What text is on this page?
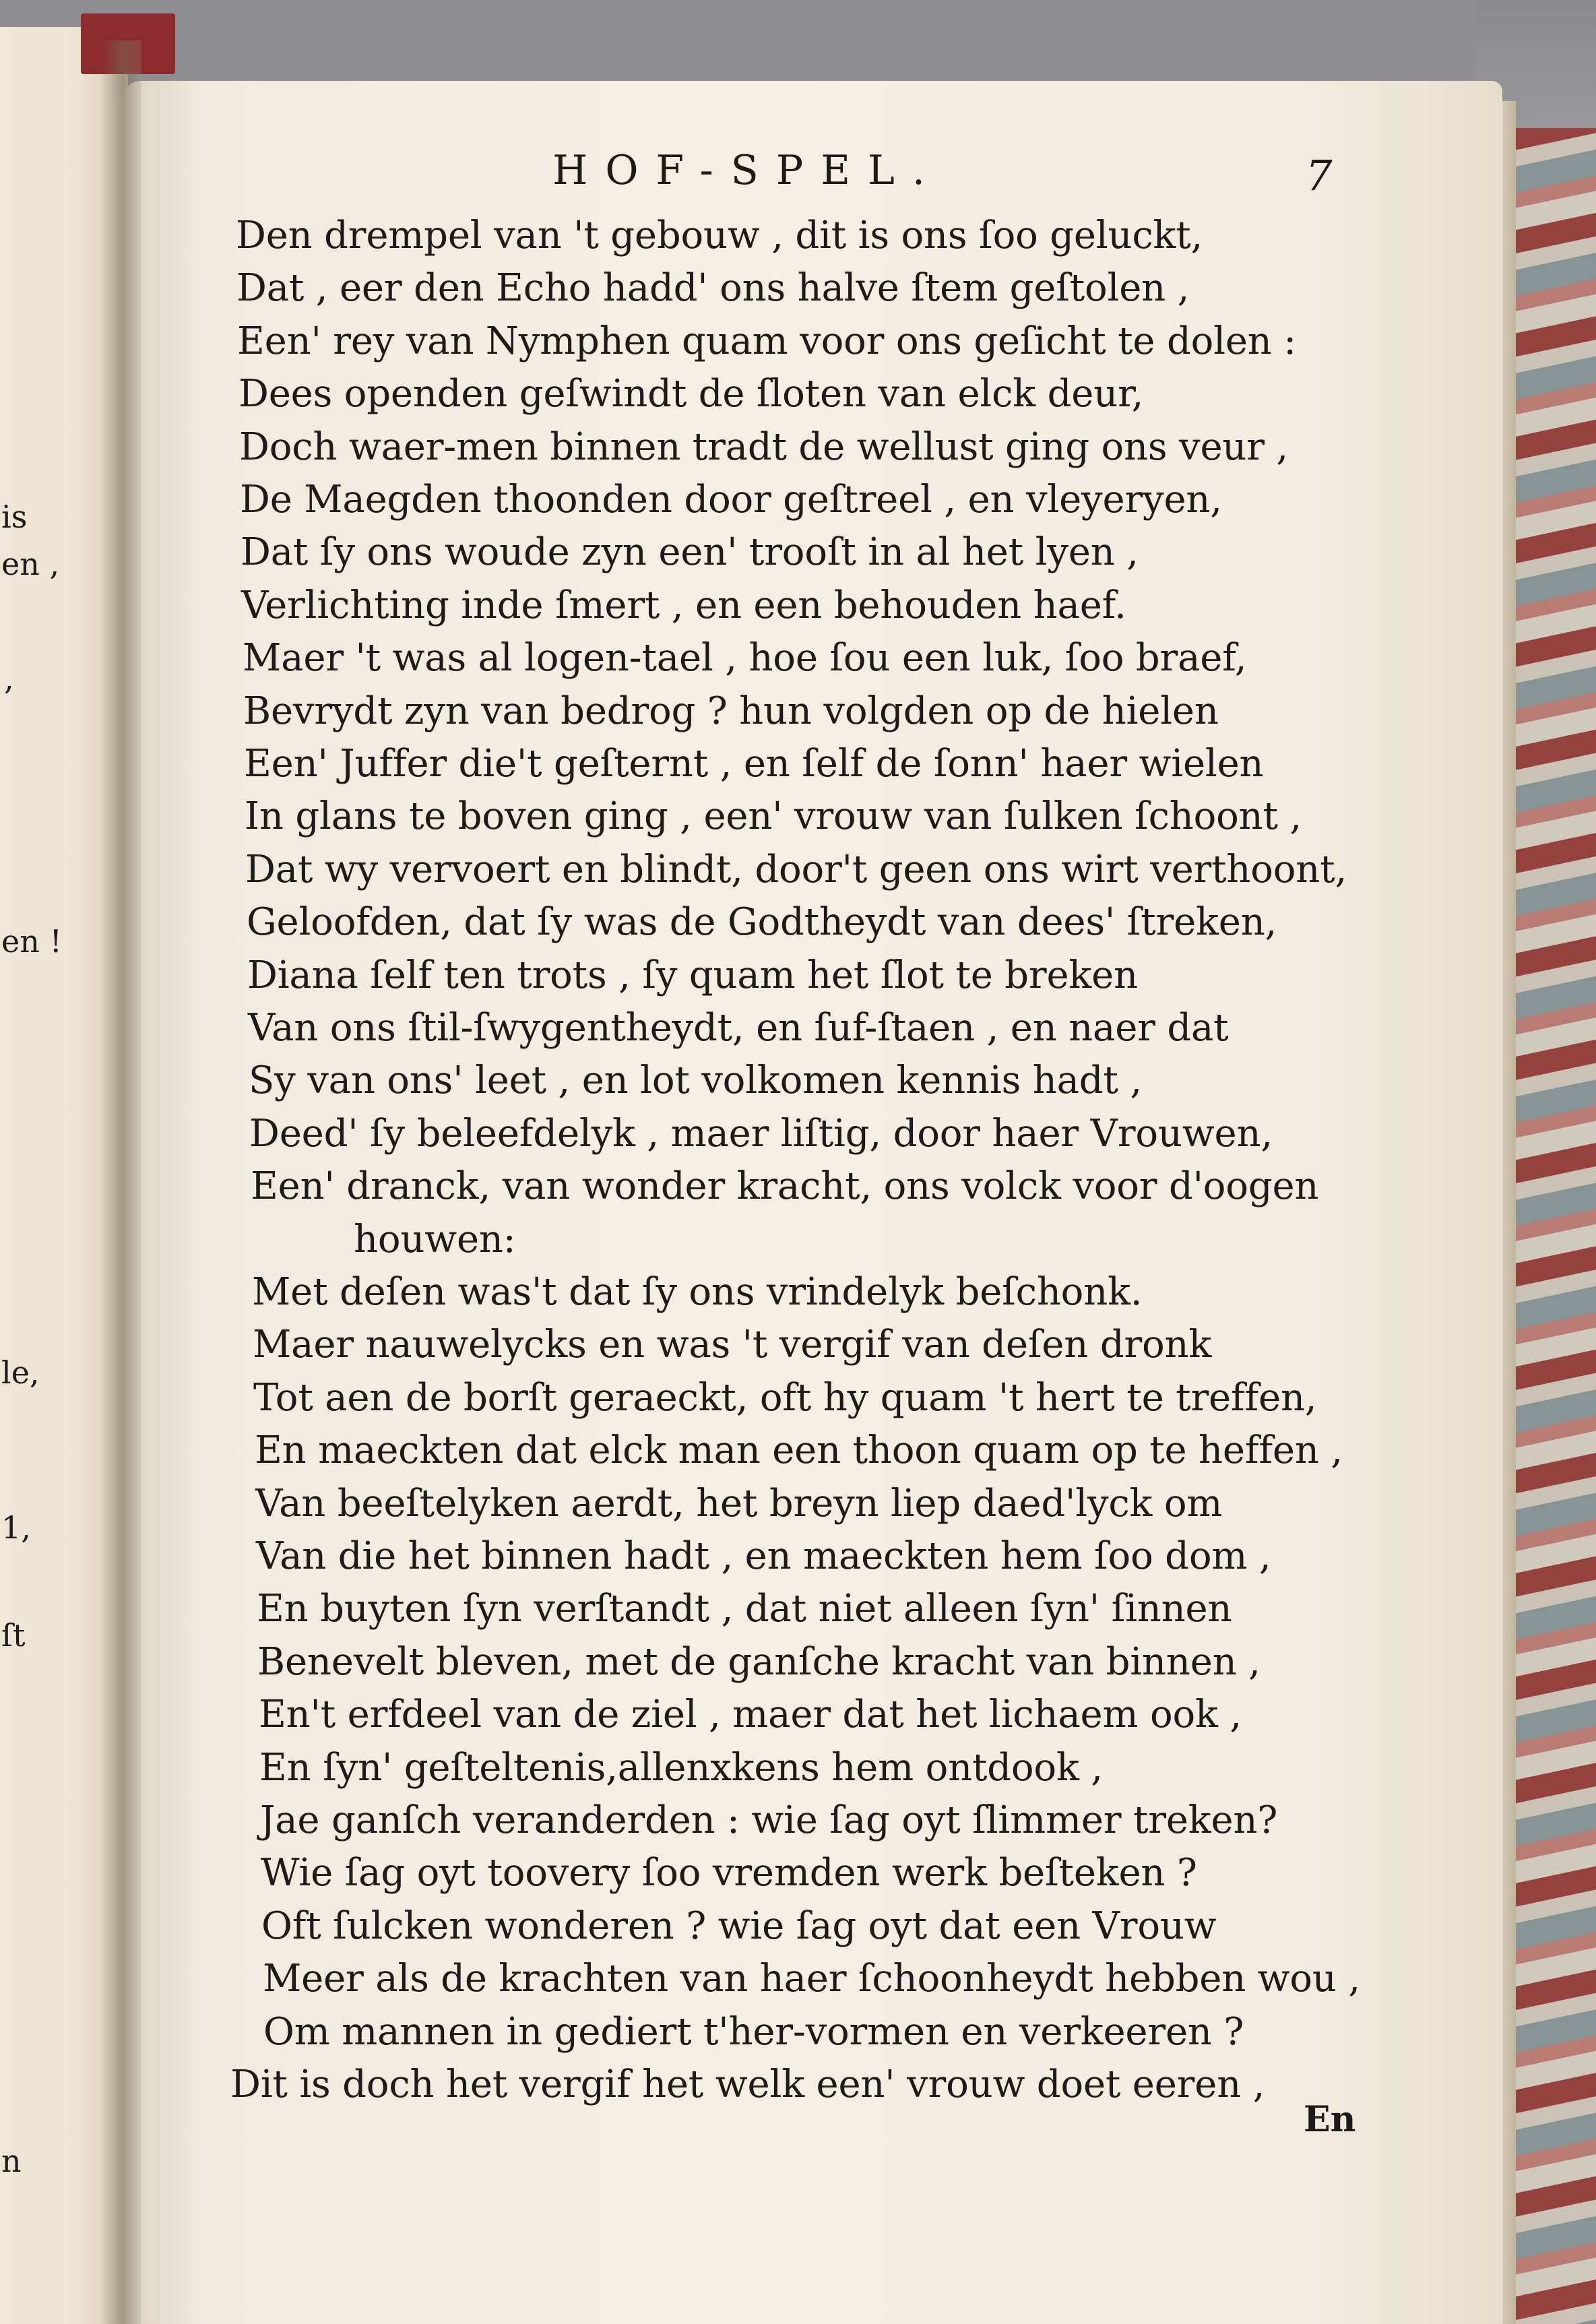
HOF-SPEL.	7
Den drempel van 't gebouw , dit is ons ſoo geluckt,
Dat , eer den Echo hadd' ons halve ſtem geſtolen ,
Een' rey van Nymphen quam voor ons geſicht te dolen :
Dees openden geſwindt de ſloten van elck deur,
Doch waer-men binnen tradt de wellust ging ons veur ,
De Maegden thoonden door geſtreel , en vleyeryen,
Dat ſy ons woude zyn een' trooſt in al het lyen ,
Verlichting inde ſmert , en een behouden haef.
Maer 't was al logen-tael , hoe ſou een luk, ſoo braef,
Bevrydt zyn van bedrog ? hun volgden op de hielen
Een' Juffer die't geſternt , en ſelf de ſonn' haer wielen
In glans te boven ging , een' vrouw van ſulken ſchoont ,
Dat wy vervoert en blindt, door't geen ons wirt verthoont,
Geloofden, dat ſy was de Godtheydt van dees' ſtreken,
Diana ſelf ten trots , ſy quam het ſlot te breken
Van ons ſtil-ſwygentheydt, en ſuf-ſtaen , en naer dat
Sy van ons' leet , en lot volkomen kennis hadt ,
Deed' ſy beleefdelyk , maer liſtig, door haer Vrouwen,
Een' dranck, van wonder kracht, ons volck voor d'oogen
houwen:
Met deſen was't dat ſy ons vrindelyk beſchonk.
Maer nauwelycks en was 't vergif van deſen dronk
Tot aen de borſt geraeckt, oft hy quam 't hert te treffen,
En maeckten dat elck man een thoon quam op te heffen ,
Van beeſtelyken aerdt, het breyn liep daed'lyck om
Van die het binnen hadt , en maeckten hem ſoo dom ,
En buyten ſyn verſtandt , dat niet alleen ſyn' ſinnen
Benevelt bleven, met de ganſche kracht van binnen ,
En't erfdeel van de ziel , maer dat het lichaem ook ,
En ſyn' geſteltenis,allenxkens hem ontdook ,
Jae ganſch veranderden : wie ſag oyt ſlimmer treken?
Wie ſag oyt toovery ſoo vremden werk beſteken ?
Oft ſulcken wonderen ? wie ſag oyt dat een Vrouw
Meer als de krachten van haer ſchoonheydt hebben wou ,
Om mannen in gediert t'her-vormen en verkeeren ?
Dit is doch het vergif het welk een' vrouw doet eeren ,
En
is
en ,
,
en !
le,
1,
ſt
n
